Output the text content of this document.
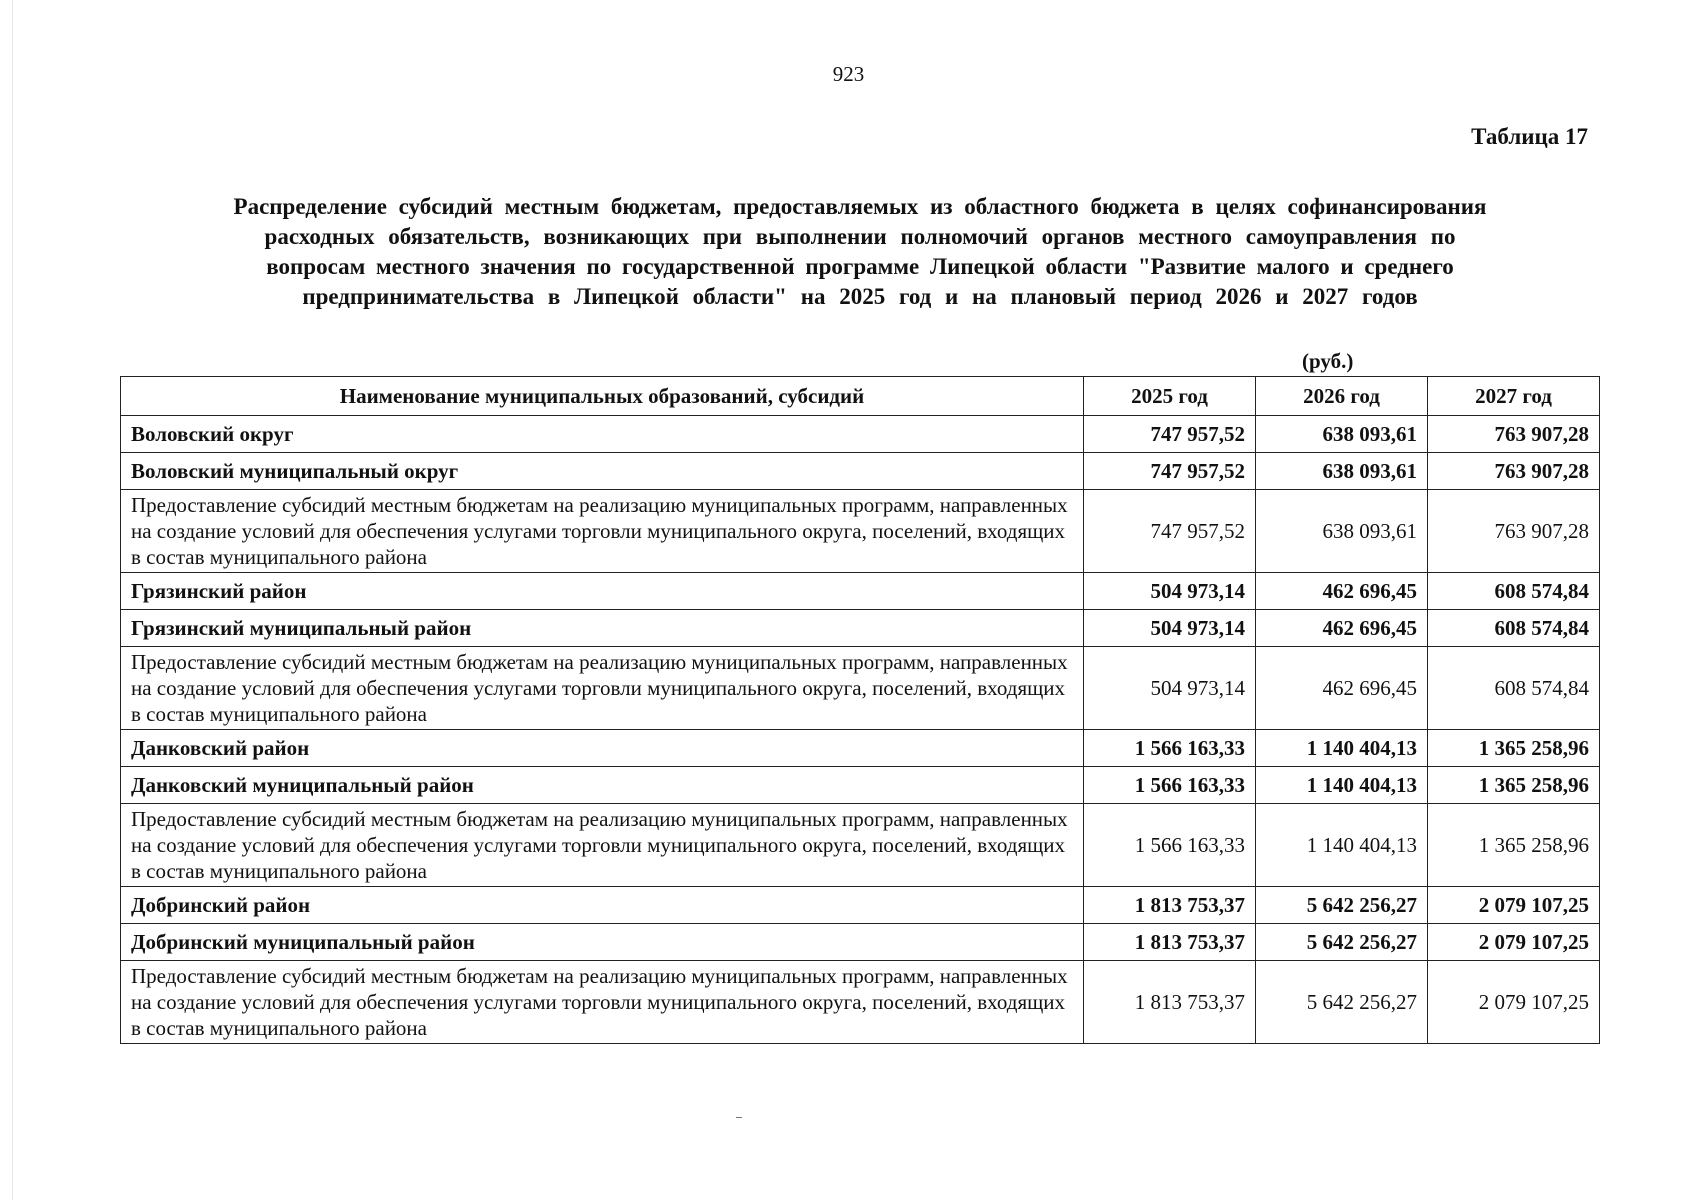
923
Таблица 17
Распределение субсидий местным бюджетам, предоставляемых из областного бюджета в целях софинансирования
расходных обязательств, возникающих при выполнении полномочий органов местного самоуправления по
вопросам местного значения по государственной программе Липецкой области "Развитие малого и среднего
предпринимательства в Липецкой области" на 2025 год и на плановый период 2026 и 2027 годов
(руб.)
Наименование муниципальных образований, субсидий	2025 год	2026 год	2027 год
Воловский округ	747 957,52	638 093,61	763 907,28
Воловский муниципальный округ	747 957,52	638 093,61	763 907,28
Предоставление субсидий местным бюджетам на реализацию муниципальных программ, направленных на создание условий для обеспечения услугами торговли муниципального округа, поселений, входящих в состав муниципального района	747 957,52	638 093,61	763 907,28
Грязинский район	504 973,14	462 696,45	608 574,84
Грязинский муниципальный район	504 973,14	462 696,45	608 574,84
Предоставление субсидий местным бюджетам на реализацию муниципальных программ, направленных на создание условий для обеспечения услугами торговли муниципального округа, поселений, входящих в состав муниципального района	504 973,14	462 696,45	608 574,84
Данковский район	1 566 163,33	1 140 404,13	1 365 258,96
Данковский муниципальный район	1 566 163,33	1 140 404,13	1 365 258,96
Предоставление субсидий местным бюджетам на реализацию муниципальных программ, направленных на создание условий для обеспечения услугами торговли муниципального округа, поселений, входящих в состав муниципального района	1 566 163,33	1 140 404,13	1 365 258,96
Добринский район	1 813 753,37	5 642 256,27	2 079 107,25
Добринский муниципальный район	1 813 753,37	5 642 256,27	2 079 107,25
Предоставление субсидий местным бюджетам на реализацию муниципальных программ, направленных на создание условий для обеспечения услугами торговли муниципального округа, поселений, входящих в состав муниципального района	1 813 753,37	5 642 256,27	2 079 107,25
